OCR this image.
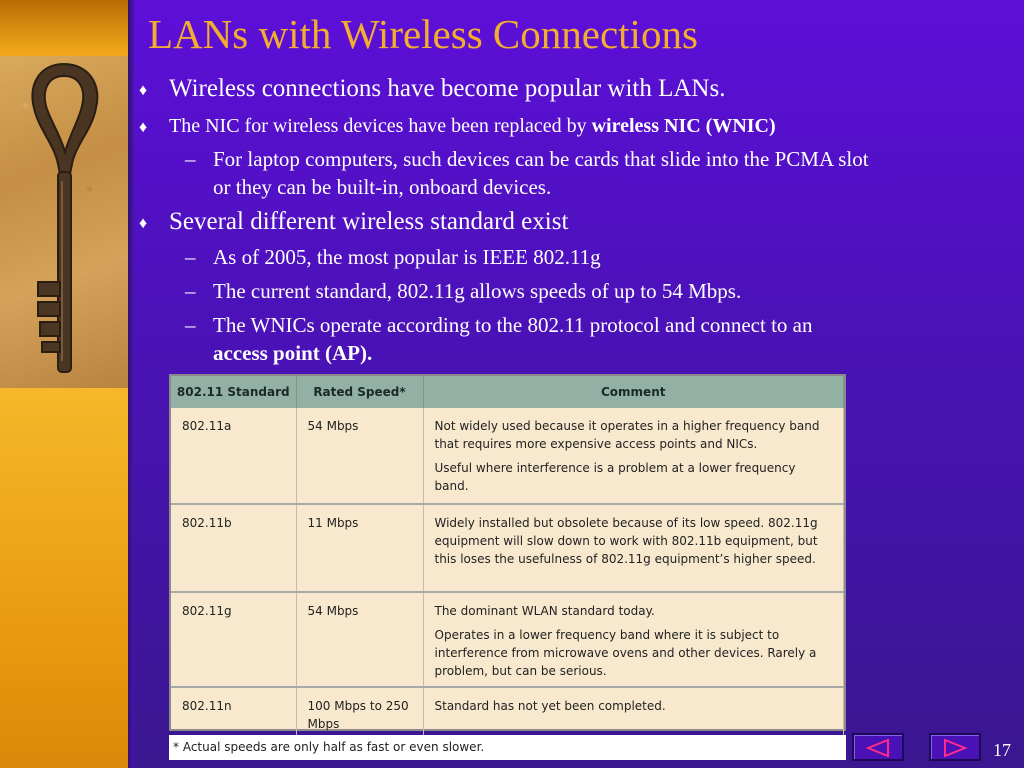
LANs with Wireless Connections
♦ Wireless connections have become popular with LANs.
♦ The NIC for wireless devices have been replaced by wireless NIC (WNIC)
– For laptop computers, such devices can be cards that slide into the PCMA slot
or they can be built-in, onboard devices.
♦ Several different wireless standard exist
– As of 2005, the most popular is IEEE 802.11g
– The current standard, 802.11g allows speeds of up to 54 Mbps.
– The WNICs operate according to the 802.11 protocol and connect to an
access point (AP).
802.11 Standard	Rated Speed*	Comment
802.11a	54 Mbps	Not widely used because it operates in a higher frequency band that requires more expensive access points and NICs.

Useful where interference is a problem at a lower frequency band.

802.11b	11 Mbps	Widely installed but obsolete because of its low speed. 802.11g equipment will slow down to work with 802.11b equipment, but this loses the usefulness of 802.11g equipment’s higher speed.

802.11g	54 Mbps	The dominant WLAN standard today.

Operates in a lower frequency band where it is subject to interference from microwave ovens and other devices. Rarely a problem, but can be serious.

802.11n	100 Mbps to 250 Mbps	Standard has not yet been completed.

* Actual speeds are only half as fast or even slower.	17
